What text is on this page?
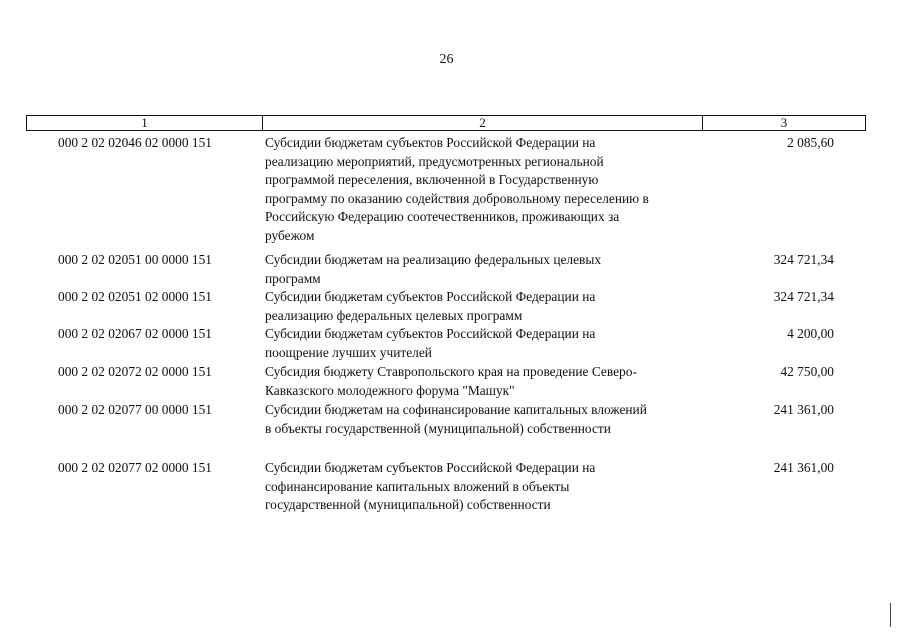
26
1	2	3
000 2 02 02046 02 0000 151	Субсидии бюджетам субъектов Российской Федерации на
реализацию мероприятий, предусмотренных региональной
программой переселения, включенной в Государственную
программу по оказанию содействия добровольному переселению в
Российскую Федерацию соотечественников, проживающих за
рубежом
2 085,60
000 2 02 02051 00 0000 151	Субсидии бюджетам на реализацию федеральных целевых
программ
324 721,34
000 2 02 02051 02 0000 151	Субсидии бюджетам субъектов Российской Федерации на
реализацию федеральных целевых программ
324 721,34
000 2 02 02067 02 0000 151	Субсидии бюджетам субъектов Российской Федерации на
поощрение лучших учителей
4 200,00
000 2 02 02072 02 0000 151	Субсидия бюджету Ставропольского края на проведение Северо-
Кавказского молодежного форума "Машук"
42 750,00
000 2 02 02077 00 0000 151	Субсидии бюджетам на софинансирование капитальных вложений
в объекты государственной (муниципальной) собственности
241 361,00
000 2 02 02077 02 0000 151	Субсидии бюджетам субъектов Российской Федерации на
софинансирование капитальных вложений в объекты
государственной (муниципальной) собственности
241 361,00
